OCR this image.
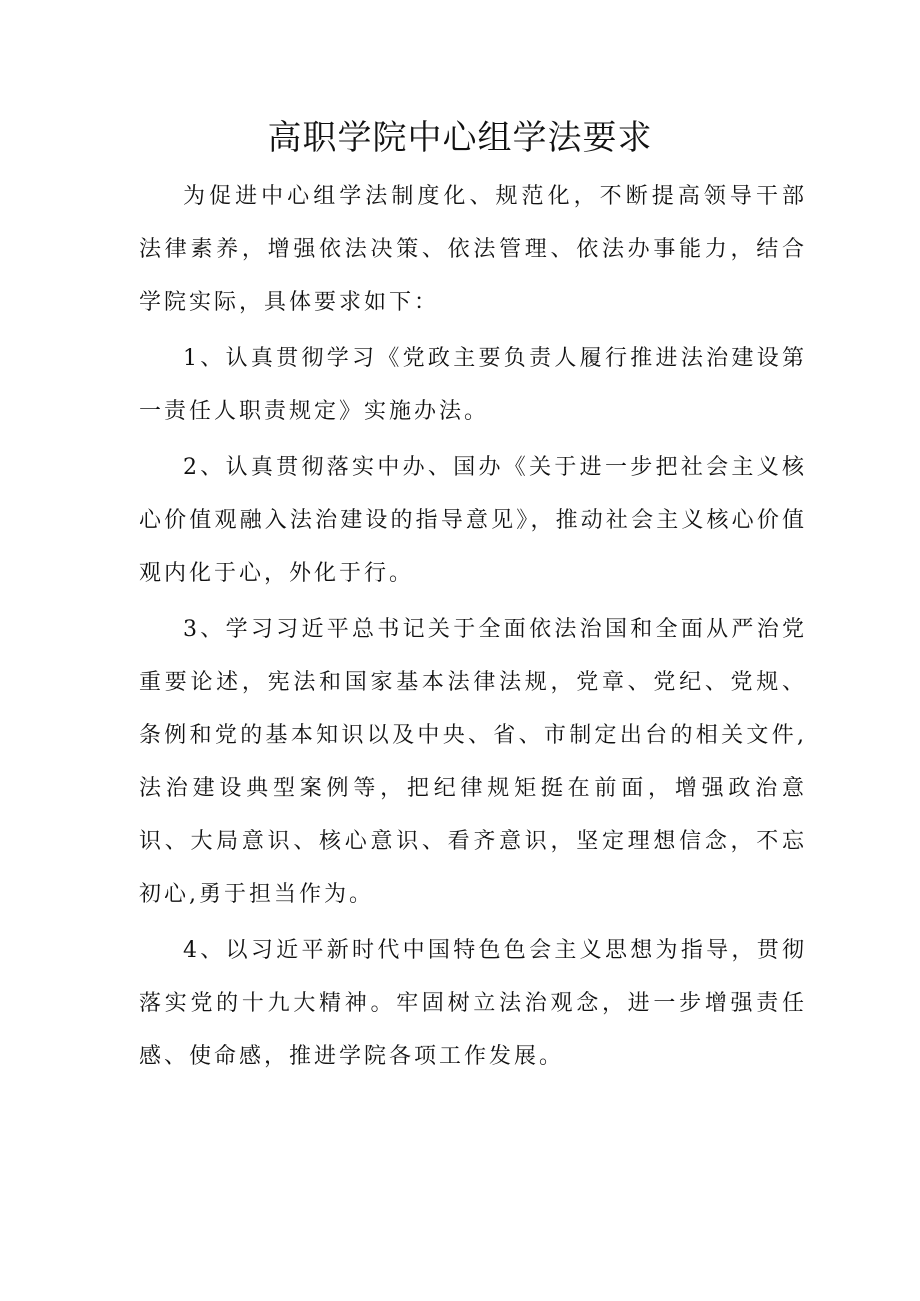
高职学院中心组学法要求

为促进中心组学法制度化、规范化，不断提高领导干部法律素养，增强依法决策、依法管理、依法办事能力，结合学院实际，具体要求如下：

1、认真贯彻学习《党政主要负责人履行推进法治建设第一责任人职责规定》实施办法。

2、认真贯彻落实中办、国办《关于进一步把社会主义核心价值观融入法治建设的指导意见》，推动社会主义核心价值观内化于心，外化于行。

3、学习习近平总书记关于全面依法治国和全面从严治党重要论述，宪法和国家基本法律法规，党章、党纪、党规、条例和党的基本知识以及中央、省、市制定出台的相关文件,法治建设典型案例等，把纪律规矩挺在前面，增强政治意识、大局意识、核心意识、看齐意识，坚定理想信念，不忘初心,勇于担当作为。

4、以习近平新时代中国特色色会主义思想为指导，贯彻落实党的十九大精神。牢固树立法治观念，进一步增强责任感、使命感，推进学院各项工作发展。
